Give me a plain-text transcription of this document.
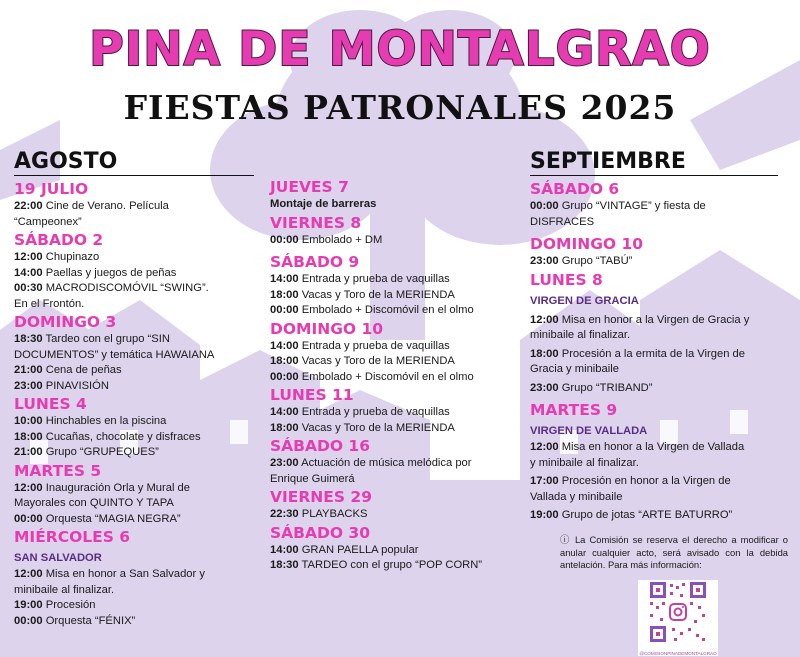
PINA DE MONTALGRAO
FIESTAS PATRONALES 2025
AGOSTO	SEPTIEMBRE
19 JULIO
22:00 Cine de Verano. Película
“Campeonex”
SÁBADO 2
12:00 Chupinazo
14:00 Paellas y juegos de peñas
00:30 MACRODISCOMÓVIL “SWING”.
En el Frontón.
DOMINGO 3
18:30 Tardeo con el grupo “SIN
DOCUMENTOS” y temática HAWAIANA
21:00 Cena de peñas
23:00 PINAVISIÓN
LUNES 4
10:00 Hinchables en la piscina
18:00 Cucañas, chocolate y disfraces
21:00 Grupo “GRUPEQUES”
MARTES 5
12:00 Inauguración Orla y Mural de
Mayorales con QUINTO Y TAPA
00:00 Orquesta “MAGIA NEGRA”
MIÉRCOLES 6
SAN SALVADOR
12:00 Misa en honor a San Salvador y
minibaile al finalizar.
19:00 Procesión
00:00 Orquesta “FÉNIX”
JUEVES 7
Montaje de barreras
VIERNES 8
00:00 Embolado + DM
SÁBADO 9
14:00 Entrada y prueba de vaquillas
18:00 Vacas y Toro de la MERIENDA
00:00 Embolado + Discomóvil en el olmo
DOMINGO 10
14:00 Entrada y prueba de vaquillas
18:00 Vacas y Toro de la MERIENDA
00:00 Embolado + Discomóvil en el olmo
LUNES 11
14:00 Entrada y prueba de vaquillas
18:00 Vacas y Toro de la MERIENDA
SÁBADO 16
23:00 Actuación de música melódica por
Enrique Guimerá
VIERNES 29
22:30 PLAYBACKS
SÁBADO 30
14:00 GRAN PAELLA popular
18:30 TARDEO con el grupo “POP CORN”
SÁBADO 6
00:00 Grupo “VINTAGE” y fiesta de
DISFRACES
DOMINGO 10
23:00 Grupo “TABÚ”
LUNES 8
VIRGEN DE GRACIA
12:00 Misa en honor a la Virgen de Gracia y
minibaile al finalizar.
18:00 Procesión a la ermita de la Virgen de
Gracia y minibaile
23:00 Grupo “TRIBAND”
MARTES 9
VIRGEN DE VALLADA
12:00 Misa en honor a la Virgen de Vallada
y minibaile al finalizar.
17:00 Procesión en honor a la Virgen de
Vallada y minibaile
19:00 Grupo de jotas “ARTE BATURRO”
ⓘ La Comisión se reserva el derecho a modificar o anular cualquier acto, será avisado con la debida antelación. Para más información:
@COMISIONPINADEMONTALGRAO
